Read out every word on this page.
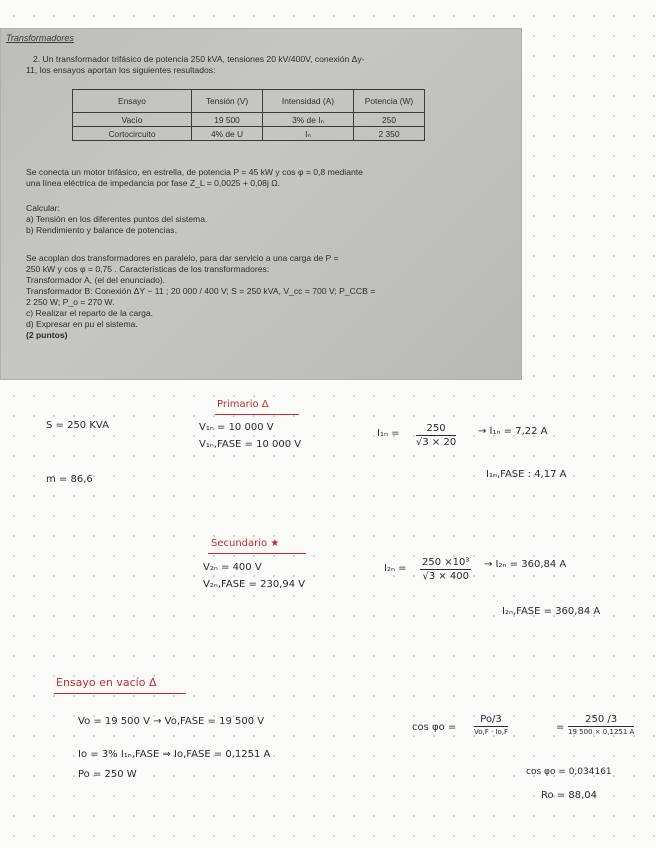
Transformadores
2. Un transformador trifásico de potencia 250 kVA, tensiones 20 kV/400V, conexión Δy-
11, los ensayos aportan los siguientes resultados:
Ensayo	Tensión (V)	Intensidad (A)	Potencia (W)
Vacío	19 500	3% de Iₙ	250
Cortocircuito	4% de U	Iₙ	2 350
Se conecta un motor trifásico, en estrella, de potencia P = 45 kW y cos φ = 0,8 mediante
una línea eléctrica de impedancia por fase Z_L = 0,0025 + 0,08j Ω.
Calcular:
a) Tensión en los diferentes puntos del sistema.
b) Rendimiento y balance de potencias.
Se acoplan dos transformadores en paralelo, para dar servicio a una carga de P =
250 kW y cos φ = 0,75 . Características de los transformadores:
Transformador A, (el del enunciado).
Transformador B: Conexión ΔY − 11 ; 20 000 / 400 V; S = 250 kVA, V_cc = 700 V; P_CCB =
2 250 W; P_o = 270 W.
c) Realizar el reparto de la carga.
d) Expresar en pu el sistema.
(2 puntos)
S = 250 KVA
m = 86,6
Primario Δ
V₁ₙ = 10 000 V
V₁ₙ,FASE = 10 000 V
$I_{1n} = \frac{250}{√3 \times 20} \to I_{1n} = 7,22$ A
I₁ₙ,FASE : 4,17 A
Secundario ★
V₂ₙ = 400 V
V₂ₙ,FASE = 230,94 V
$I_{2n} = \frac{\text{250 ×10³}}{√3 \times 400} \to I_{2n} = 360,84$ A
I₂ₙ,FASE = 360,84 A
Ensayo en vacío Δ
Vo = 19 500 V → Vo,FASE = 19 500 V
Io = 3% I₁ₙ,FASE ⇒ Io,FASE = 0,1251 A
Po = 250 W
cos φo =
Po/3
Vo,F · Io,F	=
250 /3
19 500 × 0,1251 A
cos φo = 0,034161
Ro = 88,04
